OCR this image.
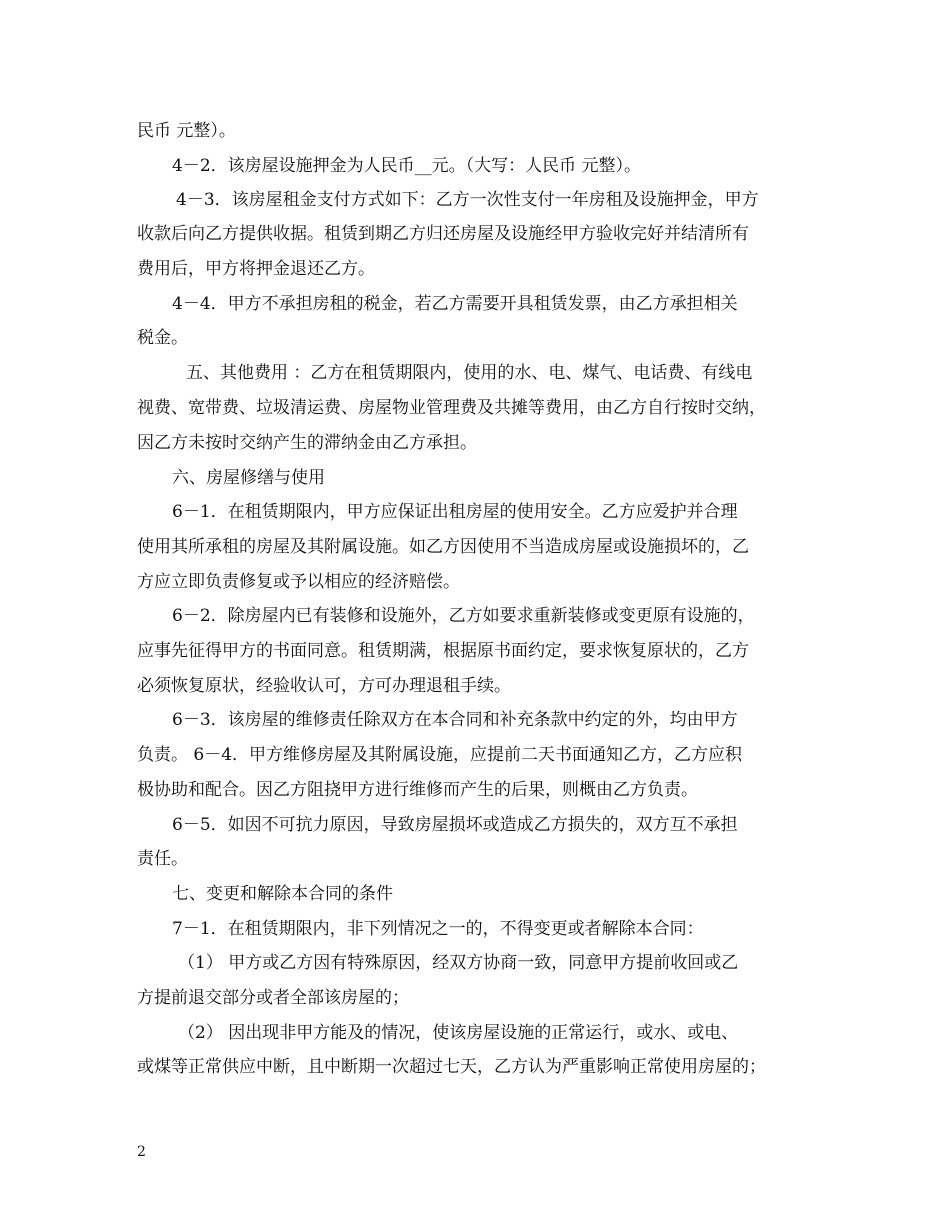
民币 元整）。
4－2．该房屋设施押金为人民币__元。（大写：人民币 元整）。
4－3．该房屋租金支付方式如下：乙方一次性支付一年房租及设施押金，甲方
收款后向乙方提供收据。租赁到期乙方归还房屋及设施经甲方验收完好并结清所有
费用后，甲方将押金退还乙方。
4－4．甲方不承担房租的税金，若乙方需要开具租赁发票，由乙方承担相关
税金。
五、其他费用 ：乙方在租赁期限内，使用的水、电、煤气、电话费、有线电
视费、宽带费、垃圾清运费、房屋物业管理费及共摊等费用，由乙方自行按时交纳，
因乙方未按时交纳产生的滞纳金由乙方承担。
六、房屋修缮与使用
6－1．在租赁期限内，甲方应保证出租房屋的使用安全。乙方应爱护并合理
使用其所承租的房屋及其附属设施。如乙方因使用不当造成房屋或设施损坏的，乙
方应立即负责修复或予以相应的经济赔偿。
6－2．除房屋内已有装修和设施外，乙方如要求重新装修或变更原有设施的，
应事先征得甲方的书面同意。租赁期满，根据原书面约定，要求恢复原状的，乙方
必须恢复原状，经验收认可，方可办理退租手续。
6－3．该房屋的维修责任除双方在本合同和补充条款中约定的外，均由甲方
负责。 6－4．甲方维修房屋及其附属设施，应提前二天书面通知乙方，乙方应积
极协助和配合。因乙方阻挠甲方进行维修而产生的后果，则概由乙方负责。
6－5．如因不可抗力原因，导致房屋损坏或造成乙方损失的，双方互不承担
责任。
七、变更和解除本合同的条件
7－1．在租赁期限内，非下列情况之一的，不得变更或者解除本合同：
（1） 甲方或乙方因有特殊原因，经双方协商一致，同意甲方提前收回或乙
方提前退交部分或者全部该房屋的；
（2） 因出现非甲方能及的情况，使该房屋设施的正常运行，或水、或电、
或煤等正常供应中断，且中断期一次超过七天，乙方认为严重影响正常使用房屋的；
2
